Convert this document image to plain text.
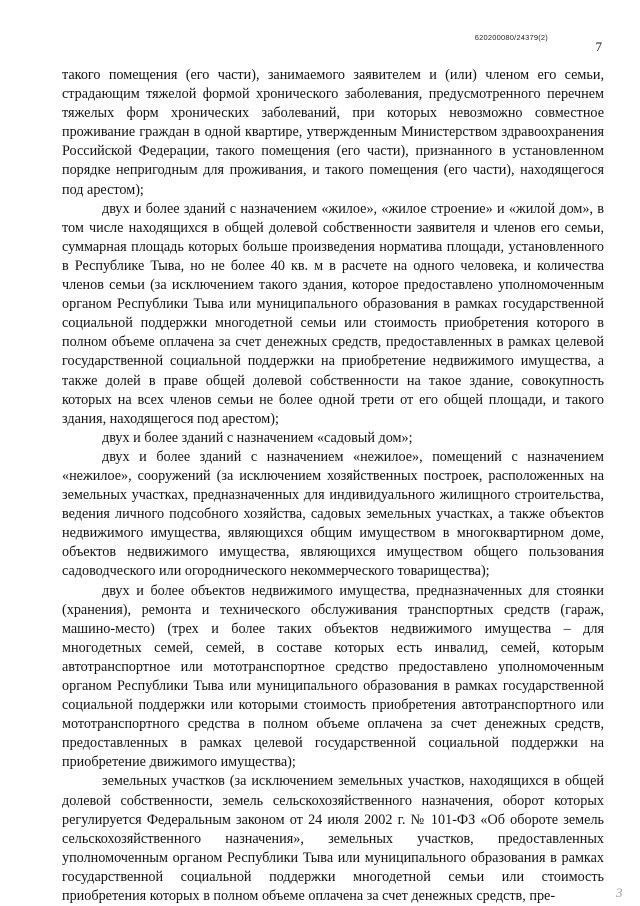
620200080/24379(2)
7

такого помещения (его части), занимаемого заявителем и (или) членом его семьи, страдающим тяжелой формой хронического заболевания, предусмотренного перечнем тяжелых форм хронических заболеваний, при которых невозможно совместное проживание граждан в одной квартире, утвержденным Министерством здравоохранения Российской Федерации, такого помещения (его части), признанного в установленном порядке непригодным для проживания, и такого помещения (его части), находящегося под арестом);

двух и более зданий с назначением «жилое», «жилое строение» и «жилой дом», в том числе находящихся в общей долевой собственности заявителя и членов его семьи, суммарная площадь которых больше произведения норматива площади, установленного в Республике Тыва, но не более 40 кв. м в расчете на одного человека, и количества членов семьи (за исключением такого здания, которое предоставлено уполномоченным органом Республики Тыва или муниципального образования в рамках государственной социальной поддержки многодетной семьи или стоимость приобретения которого в полном объеме оплачена за счет денежных средств, предоставленных в рамках целевой государственной социальной поддержки на приобретение недвижимого имущества, а также долей в праве общей долевой собственности на такое здание, совокупность которых на всех членов семьи не более одной трети от его общей площади, и такого здания, находящегося под арестом);

двух и более зданий с назначением «садовый дом»;

двух и более зданий с назначением «нежилое», помещений с назначением «нежилое», сооружений (за исключением хозяйственных построек, расположенных на земельных участках, предназначенных для индивидуального жилищного строительства, ведения личного подсобного хозяйства, садовых земельных участках, а также объектов недвижимого имущества, являющихся общим имуществом в многоквартирном доме, объектов недвижимого имущества, являющихся имуществом общего пользования садоводческого или огороднического некоммерческого товарищества);

двух и более объектов недвижимого имущества, предназначенных для стоянки (хранения), ремонта и технического обслуживания транспортных средств (гараж, машино-место) (трех и более таких объектов недвижимого имущества – для многодетных семей, семей, в составе которых есть инвалид, семей, которым автотранспортное или мототранспортное средство предоставлено уполномоченным органом Республики Тыва или муниципального образования в рамках государственной социальной поддержки или которыми стоимость приобретения автотранспортного или мототранспортного средства в полном объеме оплачена за счет денежных средств, предоставленных в рамках целевой государственной социальной поддержки на приобретение движимого имущества);

земельных участков (за исключением земельных участков, находящихся в общей долевой собственности, земель сельскохозяйственного назначения, оборот которых регулируется Федеральным законом от 24 июля 2002 г. № 101-ФЗ «Об обороте земель сельскохозяйственного назначения», земельных участков, предоставленных уполномоченным органом Республики Тыва или муниципального образования в рамках государственной социальной поддержки многодетной семьи или стоимость приобретения которых в полном объеме оплачена за счет денежных средств, пре-	3
